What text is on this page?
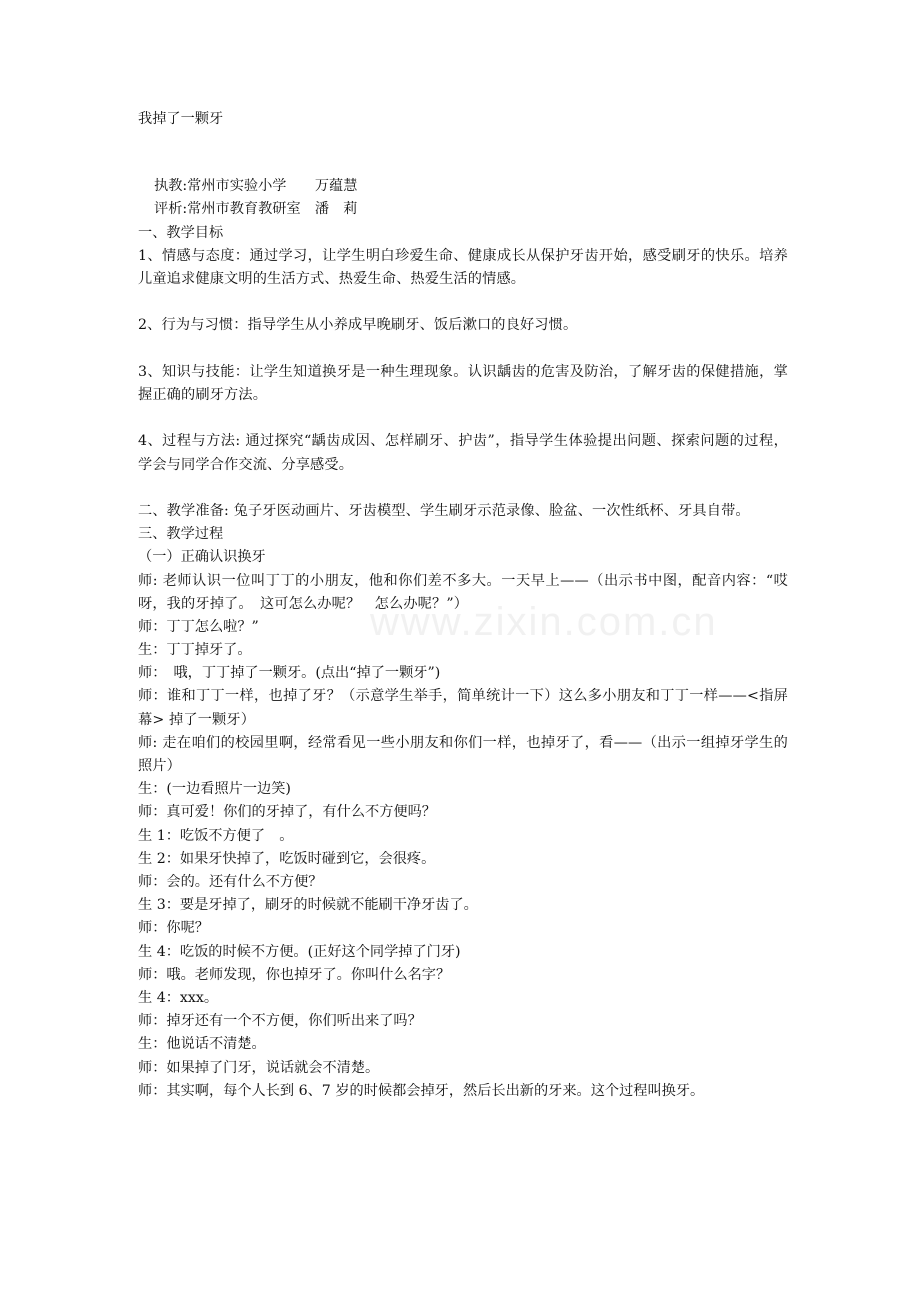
www.zixin.com.cn
我掉了一颗牙
执教:常州市实验小学　　万蕴慧
评析:常州市教育教研室　潘　莉
一、教学目标
1、情感与态度：通过学习，让学生明白珍爱生命、健康成长从保护牙齿开始，感受刷牙的快乐。培养儿童追求健康文明的生活方式、热爱生命、热爱生活的情感。
2、行为与习惯：指导学生从小养成早晚刷牙、饭后漱口的良好习惯。
3、知识与技能：让学生知道换牙是一种生理现象。认识龋齿的危害及防治，了解牙齿的保健措施，掌握正确的刷牙方法。
4、过程与方法: 通过探究“龋齿成因、怎样刷牙、护齿”，指导学生体验提出问题、探索问题的过程，学会与同学合作交流、分享感受。
二、教学准备: 兔子牙医动画片、牙齿模型、学生刷牙示范录像、脸盆、一次性纸杯、牙具自带。
三、教学过程
（一）正确认识换牙
师: 老师认识一位叫丁丁的小朋友，他和你们差不多大。一天早上——（出示书中图，配音内容：“哎呀，我的牙掉了。　这可怎么办呢？　怎么办呢？”）
师：丁丁怎么啦？”
生：丁丁掉牙了。
师：　哦，丁丁掉了一颗牙。(点出“掉了一颗牙”)
师：谁和丁丁一样，也掉了牙？（示意学生举手，简单统计一下）这么多小朋友和丁丁一样——<指屏幕> 掉了一颗牙）
师: 走在咱们的校园里啊，经常看见一些小朋友和你们一样，也掉牙了，看——（出示一组掉牙学生的照片）
生：(一边看照片一边笑)
师：真可爱！你们的牙掉了，有什么不方便吗？
生 1：吃饭不方便了　。
生 2：如果牙快掉了，吃饭时碰到它，会很疼。
师：会的。还有什么不方便？
生 3：要是牙掉了，刷牙的时候就不能刷干净牙齿了。
师：你呢？
生 4：吃饭的时候不方便。(正好这个同学掉了门牙)
师：哦。老师发现，你也掉牙了。你叫什么名字？
生 4：xxx。
师：掉牙还有一个不方便，你们听出来了吗？
生：他说话不清楚。
师：如果掉了门牙，说话就会不清楚。
师：其实啊，每个人长到 6、7 岁的时候都会掉牙，然后长出新的牙来。这个过程叫换牙。
